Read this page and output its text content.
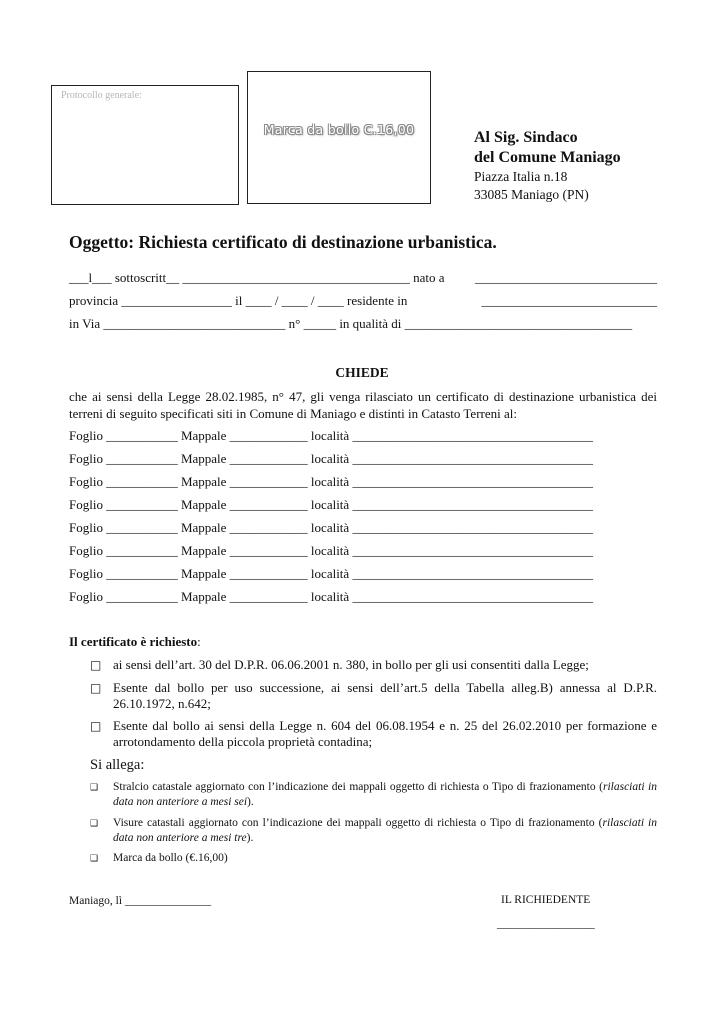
Protocollo generale:
Marca da bollo C.16,00	Al Sig. Sindaco
del Comune Maniago
Piazza Italia n.18
33085 Maniago (PN)
Oggetto: Richiesta certificato di destinazione urbanistica.
___l___ sottoscritt__ ___________________________________ nato a ____________________________
provincia _________________ il ____ / ____ / ____ residente in	___________________________
in Via ____________________________ n° _____ in qualità di ___________________________________
CHIEDE
che ai sensi della Legge 28.02.1985, n° 47, gli venga rilasciato un certificato di destinazione urbanistica dei terreni di seguito specificati siti in Comune di Maniago e distinti in Catasto Terreni al:
Foglio ___________ Mappale ____________ località _____________________________________
Foglio ___________ Mappale ____________ località _____________________________________
Foglio ___________ Mappale ____________ località _____________________________________
Foglio ___________ Mappale ____________ località _____________________________________
Foglio ___________ Mappale ____________ località _____________________________________
Foglio ___________ Mappale ____________ località _____________________________________
Foglio ___________ Mappale ____________ località _____________________________________
Foglio ___________ Mappale ____________ località _____________________________________
Il certificato è richiesto:
□ ai sensi dell’art. 30 del D.P.R. 06.06.2001 n. 380, in bollo per gli usi consentiti dalla Legge;
□ Esente dal bollo per uso successione, ai sensi dell’art.5 della Tabella alleg.B) annessa al D.P.R. 26.10.1972, n.642;
□ Esente dal bollo ai sensi della Legge n. 604 del 06.08.1954 e n. 25 del 26.02.2010 per formazione e arrotondamento della piccola proprietà contadina;
Si allega:
❑ Stralcio catastale aggiornato con l’indicazione dei mappali oggetto di richiesta o Tipo di frazionamento (rilasciati in data non anteriore a mesi sei).
❑ Visure catastali aggiornato con l’indicazione dei mappali oggetto di richiesta o Tipo di frazionamento (rilasciati in data non anteriore a mesi tre).
❑ Marca da bollo (€.16,00)
Maniago, lì _______________	IL RICHIEDENTE
_________________
